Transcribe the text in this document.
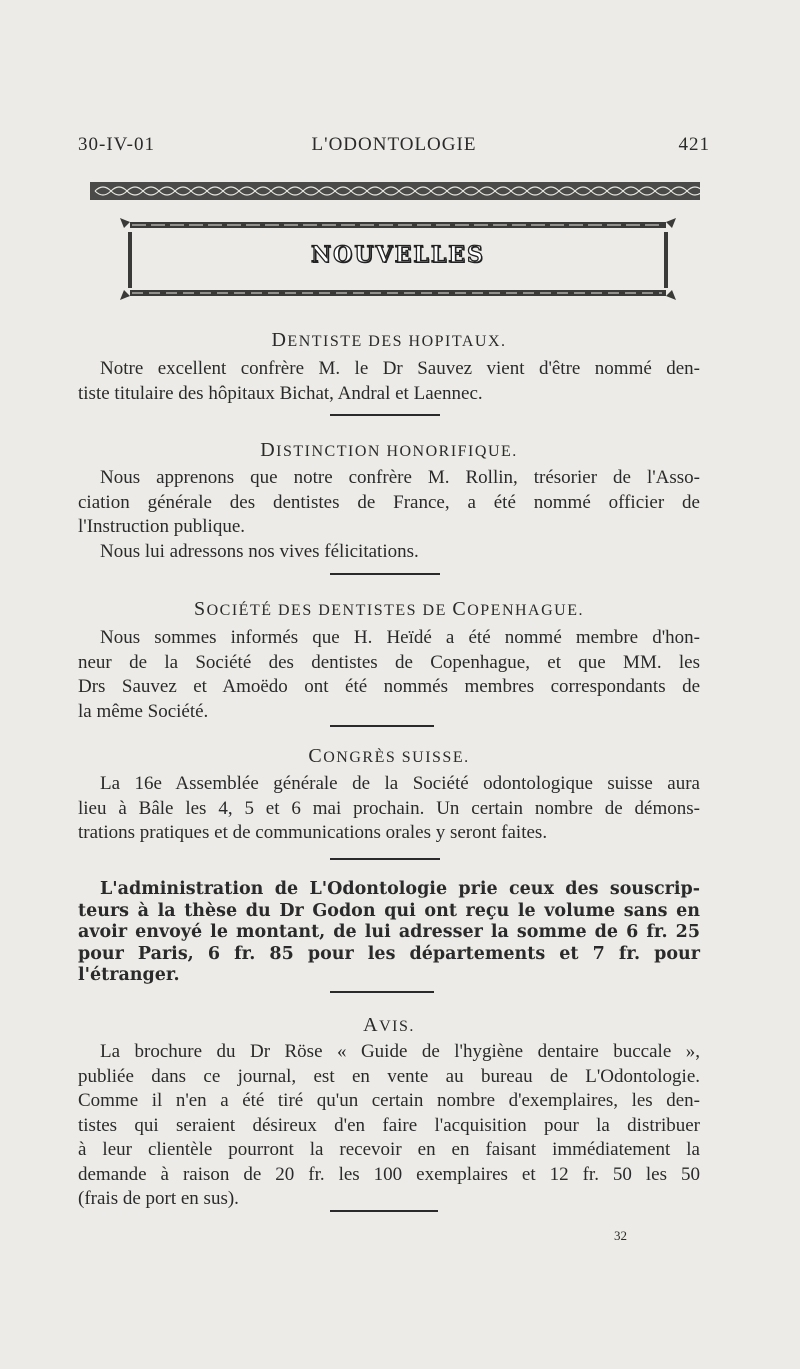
30-IV-01	L'ODONTOLOGIE	421
NOUVELLES
DENTISTE DES HOPITAUX.

Notre excellent confrère M. le Dr Sauvez vient d'être nommé den-

tiste titulaire des hôpitaux Bichat, Andral et Laennec.

DISTINCTION HONORIFIQUE.

Nous apprenons que notre confrère M. Rollin, trésorier de l'Asso-

ciation générale des dentistes de France, a été nommé officier de

l'Instruction publique.

Nous lui adressons nos vives félicitations.

SOCIÉTÉ DES DENTISTES DE COPENHAGUE.

Nous sommes informés que H. Heïdé a été nommé membre d'hon-

neur de la Société des dentistes de Copenhague, et que MM. les

Drs Sauvez et Amoëdo ont été nommés membres correspondants de

la même Société.

CONGRÈS SUISSE.

La 16e Assemblée générale de la Société odontologique suisse aura

lieu à Bâle les 4, 5 et 6 mai prochain. Un certain nombre de démons-

trations pratiques et de communications orales y seront faites.

L'administration de L'Odontologie prie ceux des souscrip-

teurs à la thèse du Dr Godon qui ont reçu le volume sans en

avoir envoyé le montant, de lui adresser la somme de 6 fr. 25

pour Paris, 6 fr. 85 pour les départements et 7 fr. pour

l'étranger.

AVIS.

La brochure du Dr Röse « Guide de l'hygiène dentaire buccale »,

publiée dans ce journal, est en vente au bureau de L'Odontologie.

Comme il n'en a été tiré qu'un certain nombre d'exemplaires, les den-

tistes qui seraient désireux d'en faire l'acquisition pour la distribuer

à leur clientèle pourront la recevoir en en faisant immédiatement la

demande à raison de 20 fr. les 100 exemplaires et 12 fr. 50 les 50

(frais de port en sus).

32
